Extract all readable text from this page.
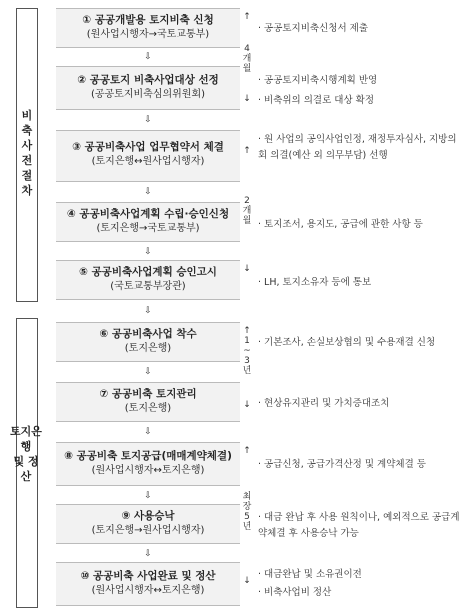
비
축
사
전
절
차
토지은
행
및 정
산
① 공공개발용 토지비축 신청
(원사업시행자→국토교통부)
⇩
② 공공토지 비축사업대상 선정
(공공토지비축심의위원회)
⇩
③ 공공비축사업 업무협약서 체결
(토지은행↔원사업시행자)
⇩
④ 공공비축사업계획 수립·승인신청
(토지은행→국토교통부)
⇩
⑤ 공공비축사업계획 승인고시
(국토교통부장관)
⇩
⑥ 공공비축사업 착수
(토지은행)
⇩
⑦ 공공비축 토지관리
(토지은행)
⇩
⑧ 공공비축 토지공급(매매계약체결)
(원사업시행자↔토지은행)
⇩
⑨ 사용승낙
(토지은행→원사업시행자)
⇩
⑩ 공공비축 사업완료 및 정산
(원사업시행자↔토지은행)
↑
4
개
월
↓
↑
2
개
월
↓
↑
1
~
3
년
↓
↑
최
장
5
년
↓
· 공공토지비축신청서 제출
· 공공토지비축시행계획 반영
· 비축위의 의결로 대상 확정
· 원 사업의 공익사업인정, 재정투자심사, 지방의회 의결(예산 외 의무부담) 선행
· 토지조서, 용지도, 공급에 관한 사항 등
· LH, 토지소유자 등에 통보
· 기본조사, 손실보상협의 및 수용재결 신청
· 현상유지관리 및 가치증대조치
· 공급신청, 공급가격산정 및 계약체결 등
· 대금 완납 후 사용 원칙이나, 예외적으로 공급계약체결 후 사용승낙 가능
· 대금완납 및 소유권이전
· 비축사업비 정산
